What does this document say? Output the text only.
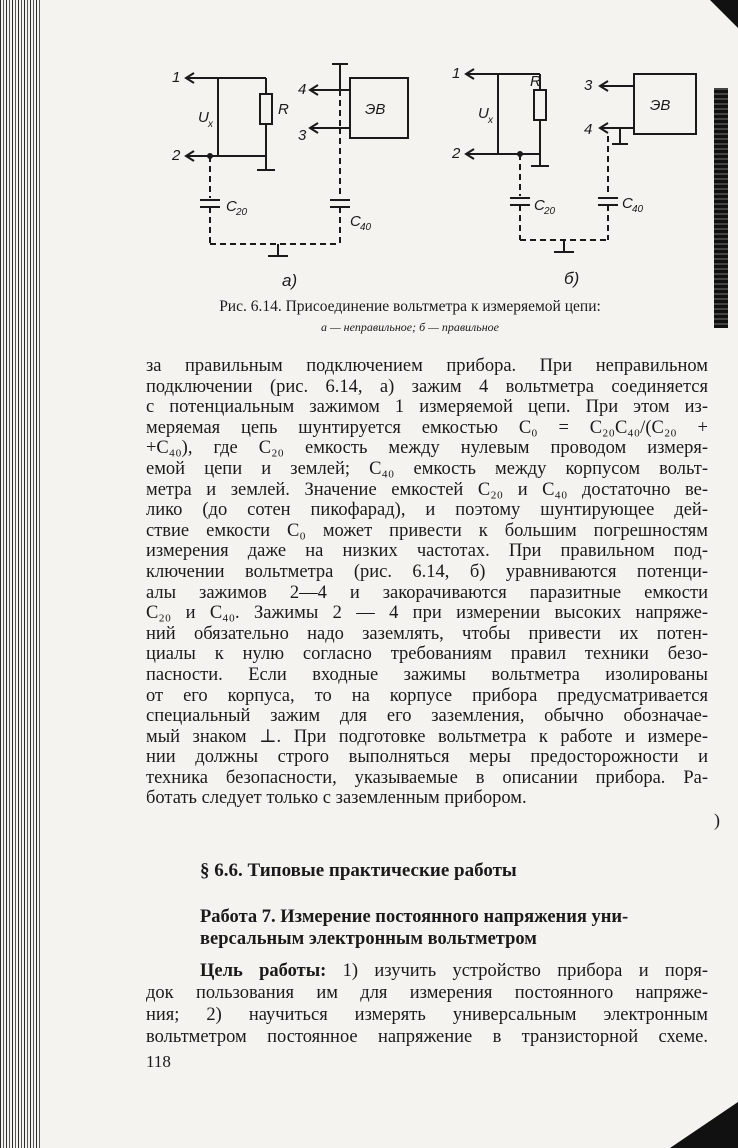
1
2
4
3
U x
R	ЭВ
C 20
C 40
а)
1
2
3
4
U x
R
ЭВ
C 20	C 40
б)
Рис. 6.14. Присоединение вольтметра к измеряемой цепи:
а — неправильное; б — правильное
за правильным подключением прибора. При неправильном
подключении (рис. 6.14, а) зажим 4 вольтметра соединяется
с потенциальным зажимом 1 измеряемой цепи. При этом из-
меряемая цепь шунтируется емкостью C₀ = C₂₀C₄₀/(C₂₀ +
+C₄₀), где C₂₀ емкость между нулевым проводом измеря-
емой цепи и землей; C₄₀ емкость между корпусом вольт-
метра и землей. Значение емкостей C₂₀ и C₄₀ достаточно ве-
лико (до сотен пикофарад), и поэтому шунтирующее дей-
ствие емкости C₀ может привести к большим погрешностям
измерения даже на низких частотах. При правильном под-
ключении вольтметра (рис. 6.14, б) уравниваются потенци-
алы зажимов 2—4 и закорачиваются паразитные емкости
C₂₀ и C₄₀. Зажимы 2 — 4 при измерении высоких напряже-
ний обязательно надо заземлять, чтобы привести их потен-
циалы к нулю согласно требованиям правил техники безо-
пасности. Если входные зажимы вольтметра изолированы
от его корпуса, то на корпусе прибора предусматривается
специальный зажим для его заземления, обычно обозначае-
мый знаком ⊥. При подготовке вольтметра к работе и измере-
нии должны строго выполняться меры предосторожности и
техника безопасности, указываемые в описании прибора. Ра-
ботать следует только с заземленным прибором.
§ 6.6. Типовые практические работы
Работа 7. Измерение постоянного напряжения уни-
версальным электронным вольтметром
Цель работы: 1) изучить устройство прибора и поря-
док пользования им для измерения постоянного напряже-
ния; 2) научиться измерять универсальным электронным
вольтметром постоянное напряжение в транзисторной схеме.
118
)
